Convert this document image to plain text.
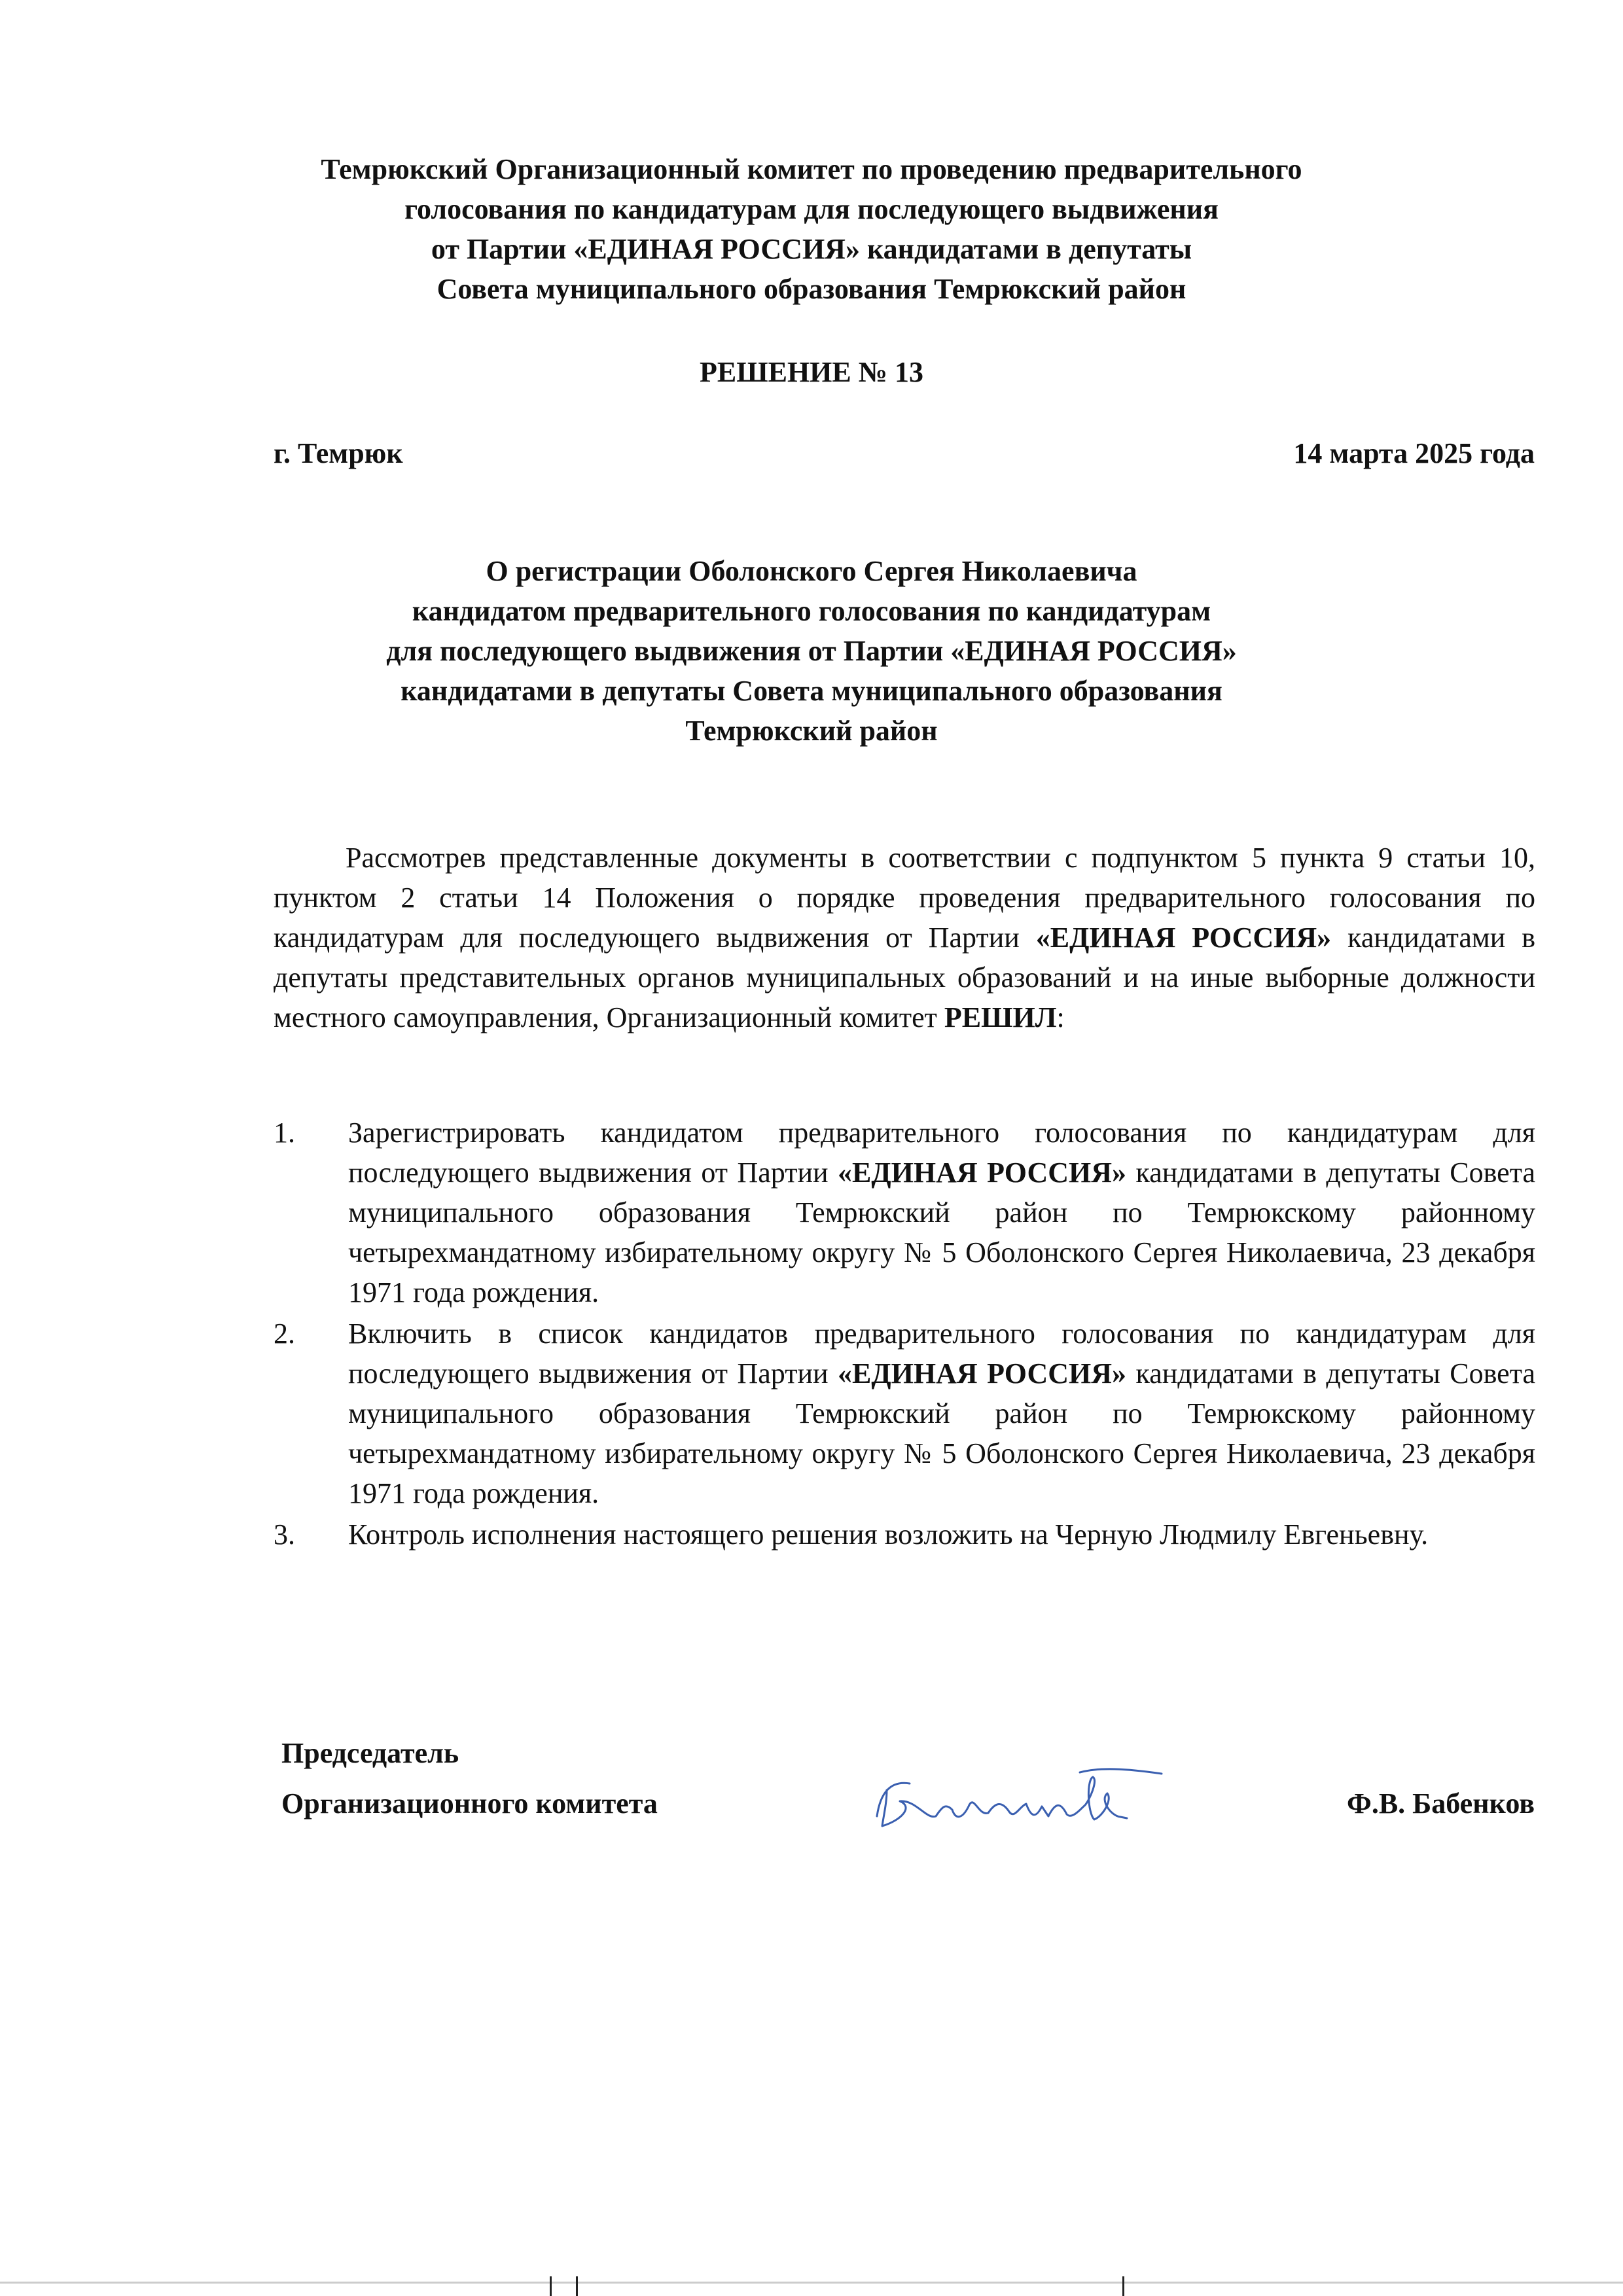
Темрюкский Организационный комитет по проведению предварительного
голосования по кандидатурам для последующего выдвижения
от Партии «ЕДИНАЯ РОССИЯ» кандидатами в депутаты
Совета муниципального образования Темрюкский район
РЕШЕНИЕ № 13
г. Темрюк	14 марта 2025 года
О регистрации Оболонского Сергея Николаевича
кандидатом предварительного голосования по кандидатурам
для последующего выдвижения от Партии «ЕДИНАЯ РОССИЯ»
кандидатами в депутаты Совета муниципального образования
Темрюкский район
Рассмотрев представленные документы в соответствии с подпунктом 5 пункта 9 статьи 10, пунктом 2 статьи 14 Положения о порядке проведения предварительного голосования по кандидатурам для последующего выдвижения от Партии «ЕДИНАЯ РОССИЯ» кандидатами в депутаты представительных органов муниципальных образований и на иные выборные должности местного самоуправления, Организационный комитет РЕШИЛ:
1. Зарегистрировать кандидатом предварительного голосования по кандидатурам для последующего выдвижения от Партии «ЕДИНАЯ РОССИЯ» кандидатами в депутаты Совета муниципального образования Темрюкский район по Темрюкскому районному четырехмандатному избирательному округу № 5 Оболонского Сергея Николаевича, 23 декабря 1971 года рождения.
2. Включить в список кандидатов предварительного голосования по кандидатурам для последующего выдвижения от Партии «ЕДИНАЯ РОССИЯ» кандидатами в депутаты Совета муниципального образования Темрюкский район по Темрюкскому районному четырехмандатному избирательному округу № 5 Оболонского Сергея Николаевича, 23 декабря 1971 года рождения.
3. Контроль исполнения настоящего решения возложить на Черную Людмилу Евгеньевну.
Председатель
Организационного комитета	Ф.В. Бабенков
